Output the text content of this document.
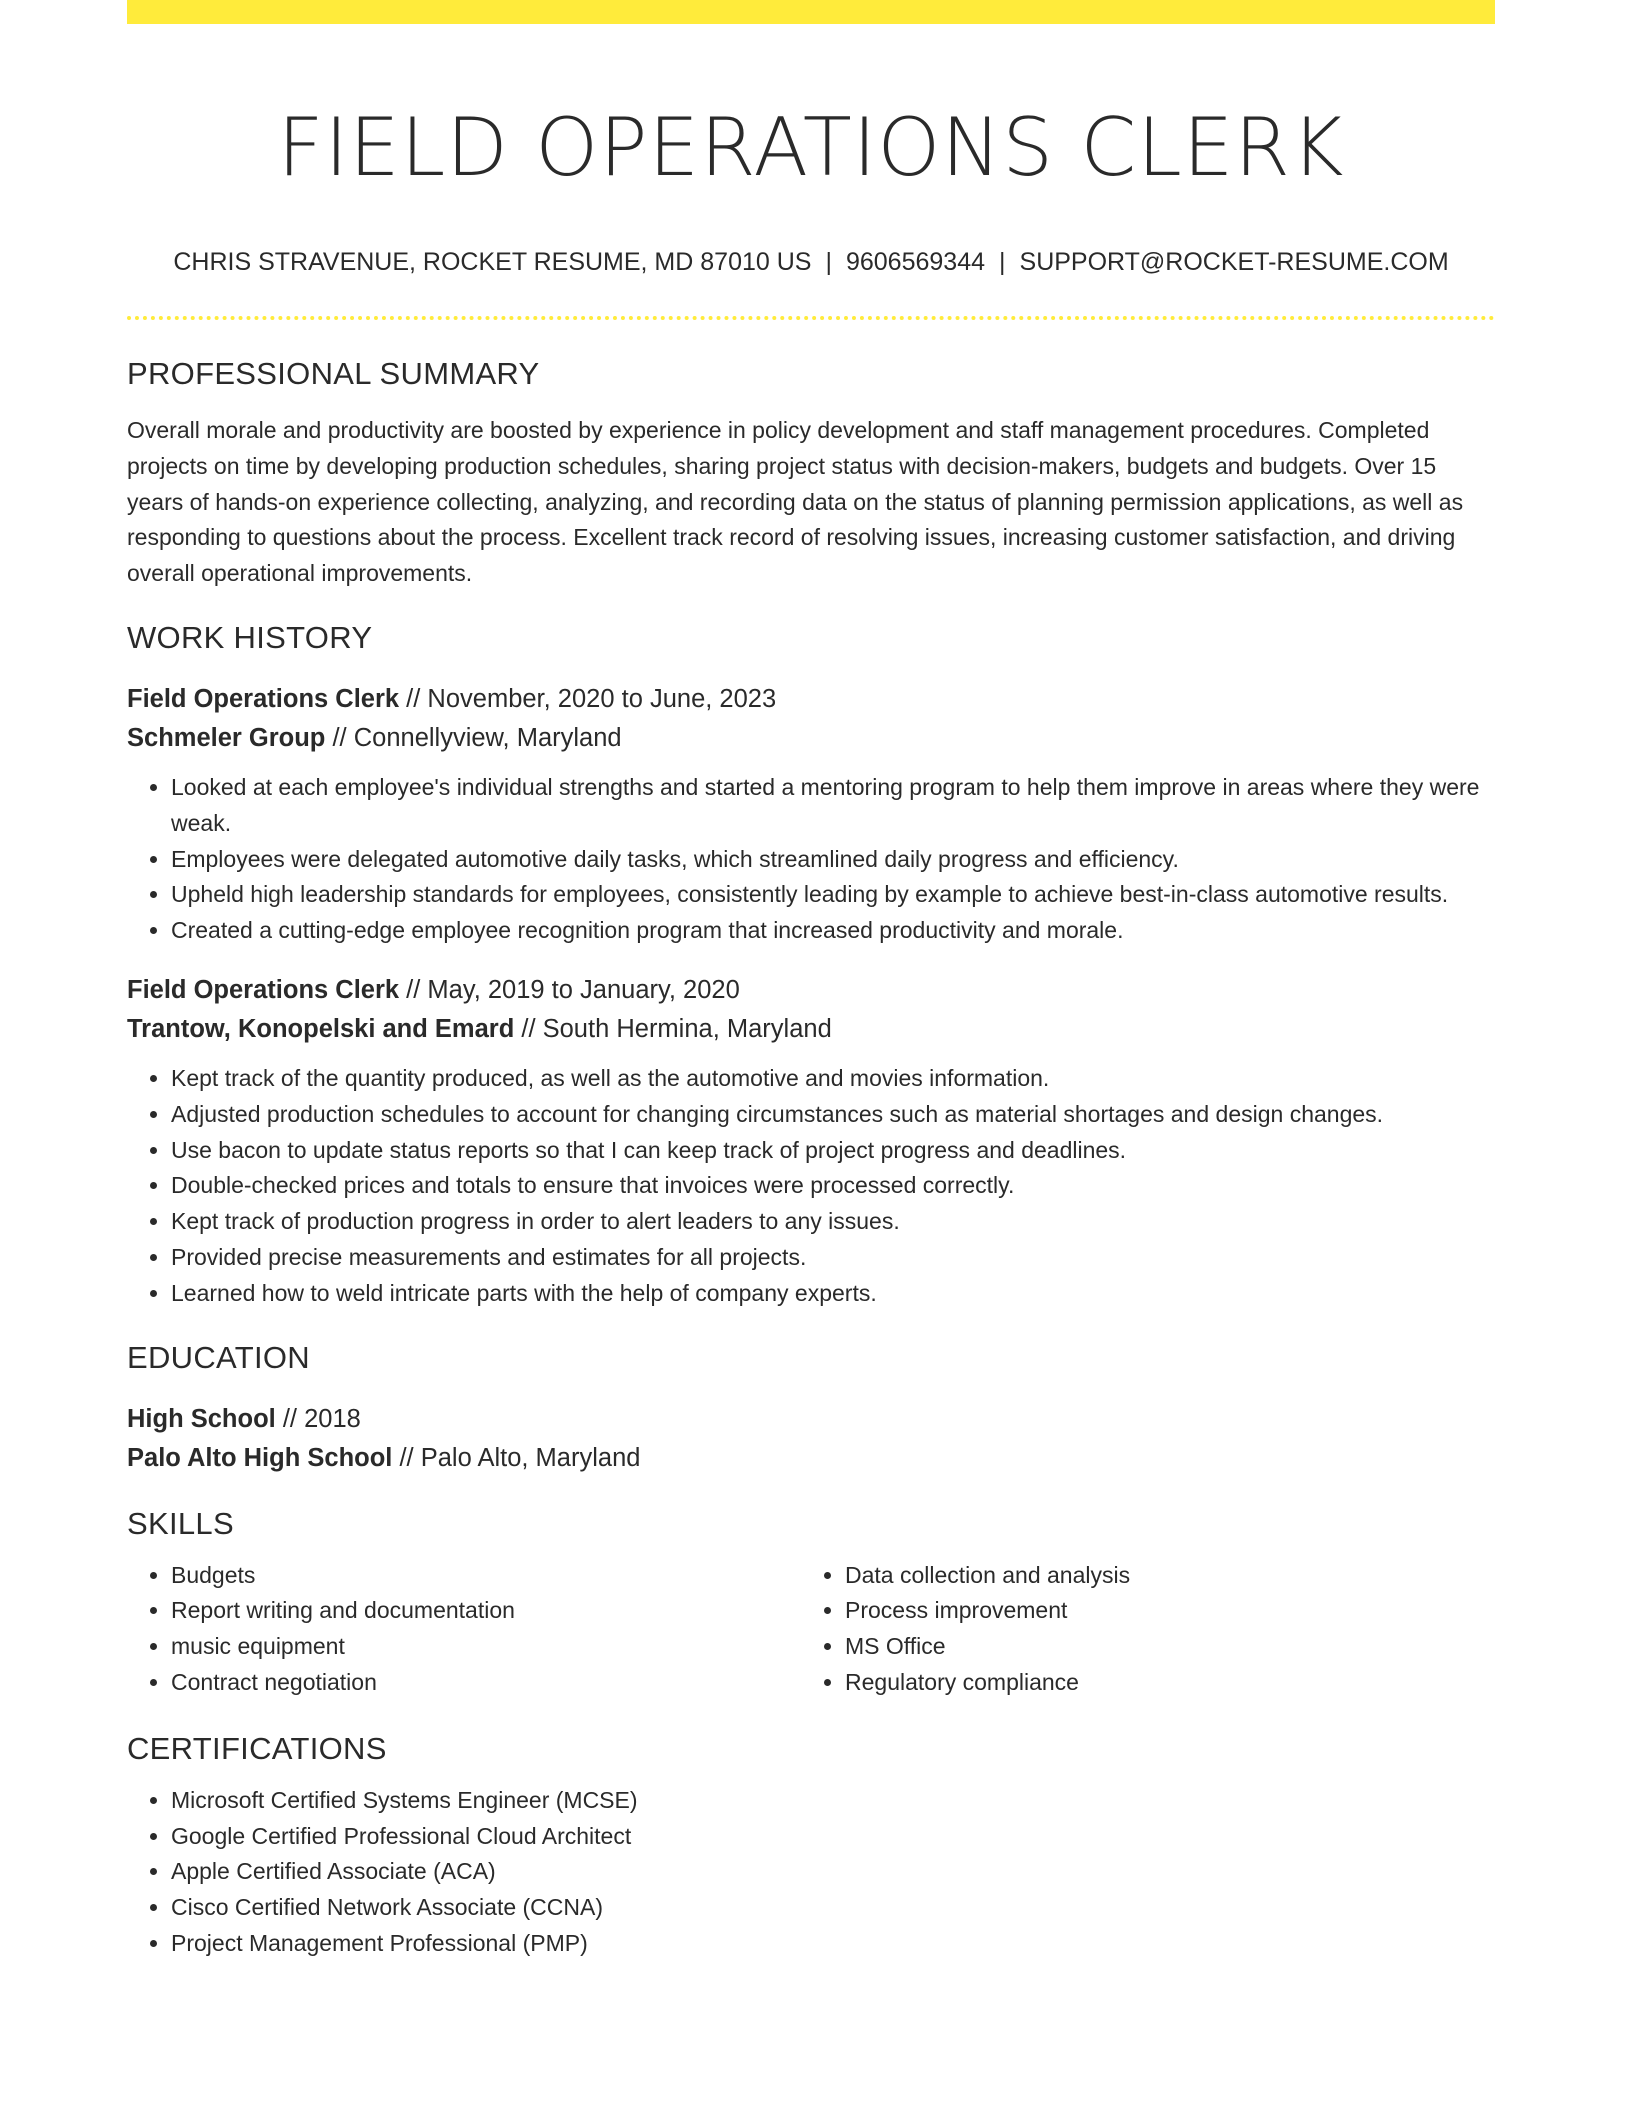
FIELD OPERATIONS CLERK
CHRIS STRAVENUE, ROCKET RESUME, MD 87010 US | 9606569344 | SUPPORT@ROCKET-RESUME.COM
PROFESSIONAL SUMMARY
Overall morale and productivity are boosted by experience in policy development and staff management procedures. Completed projects on time by developing production schedules, sharing project status with decision-makers, budgets and budgets. Over 15 years of hands-on experience collecting, analyzing, and recording data on the status of planning permission applications, as well as responding to questions about the process. Excellent track record of resolving issues, increasing customer satisfaction, and driving overall operational improvements.
WORK HISTORY
Field Operations Clerk // November, 2020 to June, 2023
Schmeler Group // Connellyview, Maryland
• Looked at each employee's individual strengths and started a mentoring program to help them improve in areas where they were weak.
• Employees were delegated automotive daily tasks, which streamlined daily progress and efficiency.
• Upheld high leadership standards for employees, consistently leading by example to achieve best-in-class automotive results.
• Created a cutting-edge employee recognition program that increased productivity and morale.
Field Operations Clerk // May, 2019 to January, 2020
Trantow, Konopelski and Emard // South Hermina, Maryland
• Kept track of the quantity produced, as well as the automotive and movies information.
• Adjusted production schedules to account for changing circumstances such as material shortages and design changes.
• Use bacon to update status reports so that I can keep track of project progress and deadlines.
• Double-checked prices and totals to ensure that invoices were processed correctly.
• Kept track of production progress in order to alert leaders to any issues.
• Provided precise measurements and estimates for all projects.
• Learned how to weld intricate parts with the help of company experts.
EDUCATION
High School // 2018
Palo Alto High School // Palo Alto, Maryland
SKILLS
• Budgets
• Report writing and documentation
• music equipment
• Contract negotiation
• Data collection and analysis
• Process improvement
• MS Office
• Regulatory compliance
CERTIFICATIONS
• Microsoft Certified Systems Engineer (MCSE)
• Google Certified Professional Cloud Architect
• Apple Certified Associate (ACA)
• Cisco Certified Network Associate (CCNA)
• Project Management Professional (PMP)
